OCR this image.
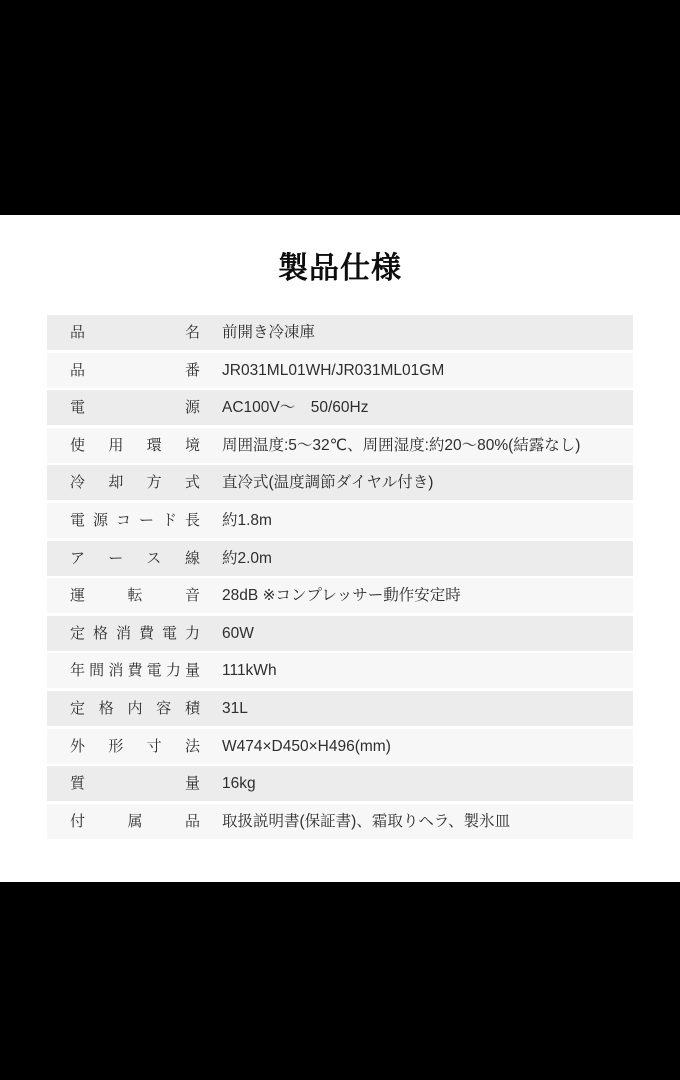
製品仕様
品名 前開き冷凍庫
品番 JR031ML01WH/JR031ML01GM
電源 AC100V～　50/60Hz
使用環境 周囲温度:5～32℃、周囲湿度:約20～80%(結露なし)
冷却方式 直冷式(温度調節ダイヤル付き)
電源コード長 約1.8m
アース線 約2.0m
運転音 28dB ※コンプレッサー動作安定時
定格消費電力 60W
年間消費電力量 111kWh
定格内容積 31L
外形寸法 W474×D450×H496(mm)
質量 16kg
付属品 取扱説明書(保証書)、霜取りヘラ、製氷皿
